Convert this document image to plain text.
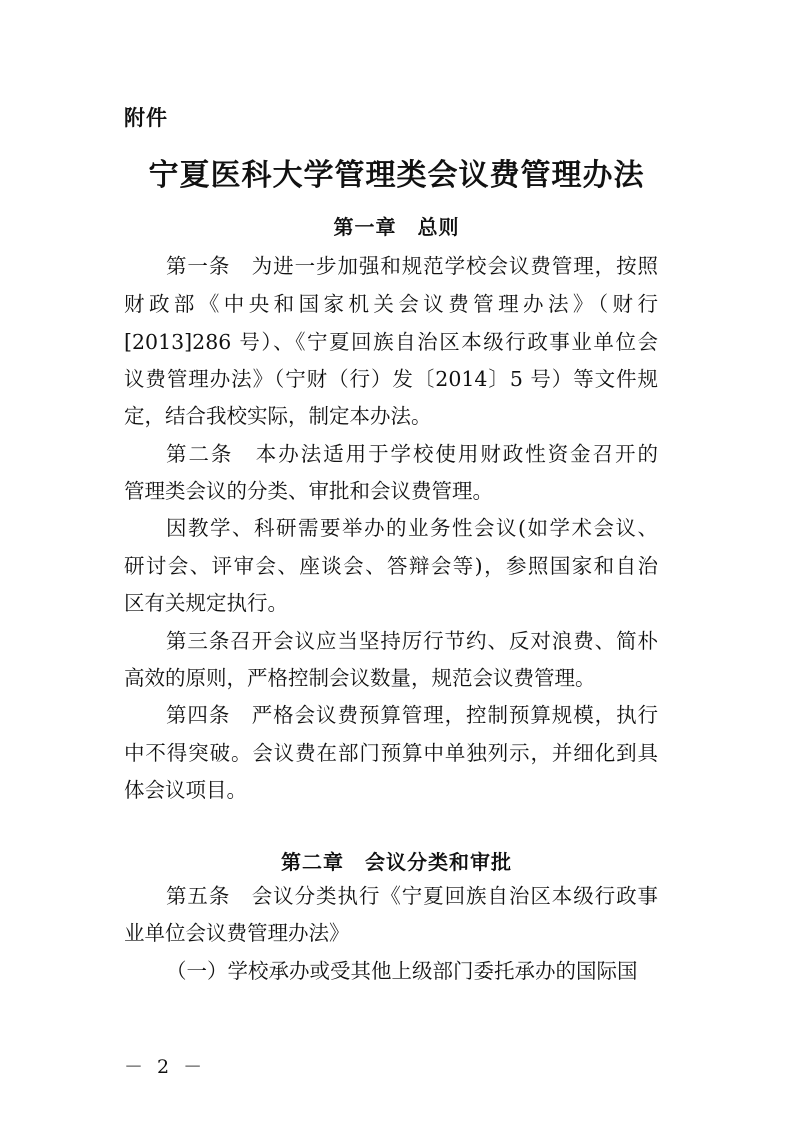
附件
宁夏医科大学管理类会议费管理办法
第一章　总则
第一条　为进一步加强和规范学校会议费管理，按照
财政部《中央和国家机关会议费管理办法》（财行
[2013]286 号）、《宁夏回族自治区本级行政事业单位会
议费管理办法》（宁财（行）发〔2014〕5 号）等文件规
定，结合我校实际，制定本办法。
第二条　本办法适用于学校使用财政性资金召开的
管理类会议的分类、审批和会议费管理。
因教学、科研需要举办的业务性会议(如学术会议、
研讨会、评审会、座谈会、答辩会等)，参照国家和自治
区有关规定执行。
第三条召开会议应当坚持厉行节约、反对浪费、简朴
高效的原则，严格控制会议数量，规范会议费管理。
第四条　严格会议费预算管理，控制预算规模，执行
中不得突破。会议费在部门预算中单独列示，并细化到具
体会议项目。
第二章　会议分类和审批
第五条　会议分类执行《宁夏回族自治区本级行政事
业单位会议费管理办法》
（一）学校承办或受其他上级部门委托承办的国际国
－ 2 －
